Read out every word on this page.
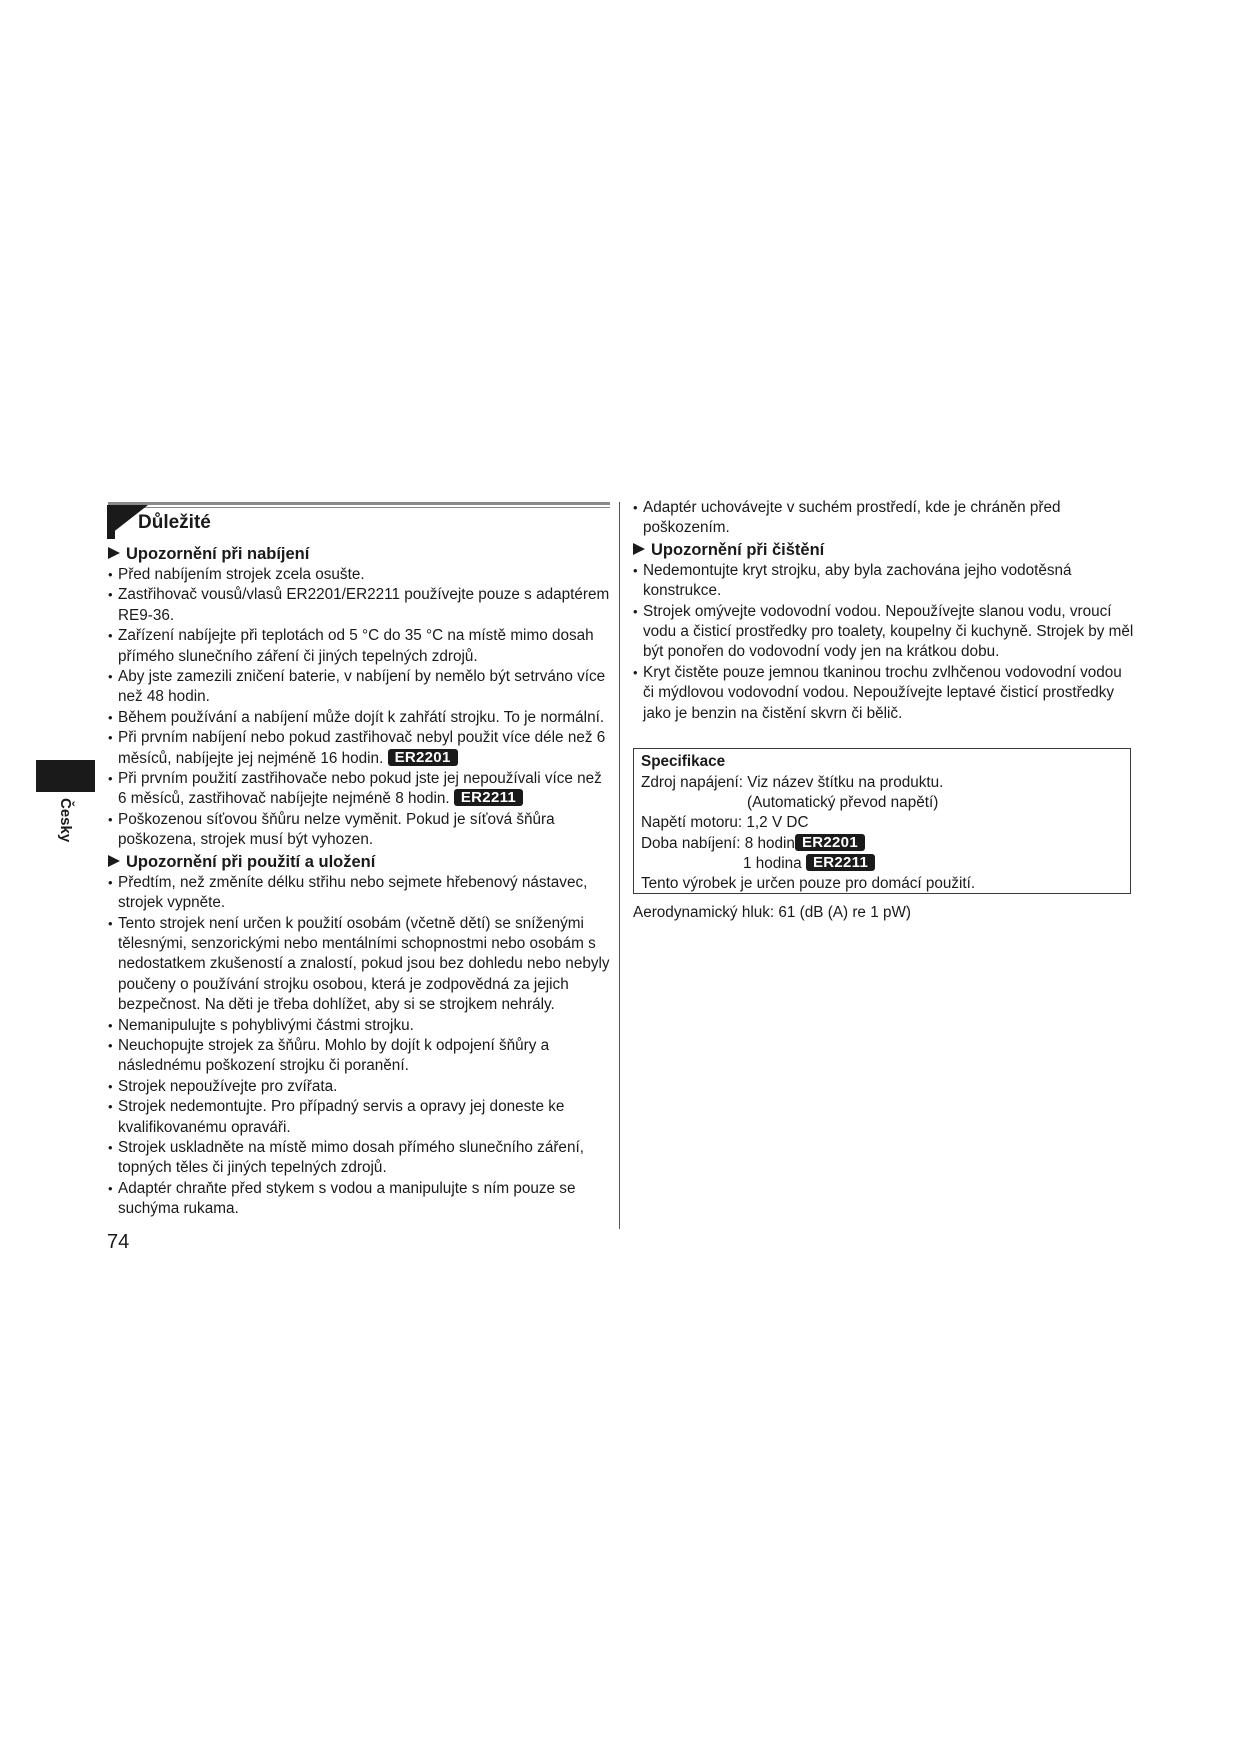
Česky
Důležité

Upozornění při nabíjení

• Před nabíjením strojek zcela osušte.

• Zastřihovač vousů/vlasů ER2201/ER2211 používejte pouze s adaptérem
RE9-36.

• Zařízení nabíjejte při teplotách od 5 °C do 35 °C na místě mimo dosah
přímého slunečního záření či jiných tepelných zdrojů.

• Aby jste zamezili zničení baterie, v nabíjení by nemělo být setrváno více
než 48 hodin.

• Během používání a nabíjení může dojít k zahřátí strojku. To je normální.

• Při prvním nabíjení nebo pokud zastřihovač nebyl použit více déle než 6
měsíců, nabíjejte jej nejméně 16 hodin. ER2201

• Při prvním použití zastřihovače nebo pokud jste jej nepoužívali více než
6 měsíců, zastřihovač nabíjejte nejméně 8 hodin. ER2211

• Poškozenou síťovou šňůru nelze vyměnit. Pokud je síťová šňůra
poškozena, strojek musí být vyhozen.

Upozornění při použití a uložení

• Předtím, než změníte délku střihu nebo sejmete hřebenový nástavec,
strojek vypněte.

• Tento strojek není určen k použití osobám (včetně dětí) se sníženými
tělesnými, senzorickými nebo mentálními schopnostmi nebo osobám s
nedostatkem zkušeností a znalostí, pokud jsou bez dohledu nebo nebyly
poučeny o používání strojku osobou, která je zodpovědná za jejich
bezpečnost. Na děti je třeba dohlížet, aby si se strojkem nehrály.

• Nemanipulujte s pohyblivými částmi strojku.

• Neuchopujte strojek za šňůru. Mohlo by dojít k odpojení šňůry a
následnému poškození strojku či poranění.

• Strojek nepoužívejte pro zvířata.

• Strojek nedemontujte. Pro případný servis a opravy jej doneste ke
kvalifikovanému opraváři.

• Strojek uskladněte na místě mimo dosah přímého slunečního záření,
topných těles či jiných tepelných zdrojů.

• Adaptér chraňte před stykem s vodou a manipulujte s ním pouze se
suchýma rukama.

• Adaptér uchovávejte v suchém prostředí, kde je chráněn před
poškozením.

Upozornění při čištění

• Nedemontujte kryt strojku, aby byla zachována jejho vodotěsná
konstrukce.

• Strojek omývejte vodovodní vodou. Nepoužívejte slanou vodu, vroucí
vodu a čisticí prostředky pro toalety, koupelny či kuchyně. Strojek by měl
být ponořen do vodovodní vody jen na krátkou dobu.

• Kryt čistěte pouze jemnou tkaninou trochu zvlhčenou vodovodní vodou
či mýdlovou vodovodní vodou. Nepoužívejte leptavé čisticí prostředky
jako je benzin na čistění skvrn či bělič.

Specifikace
Zdroj napájení: Viz název štítku na produktu.
(Automatický převod napětí)
Napětí motoru: 1,2 V DC
Doba nabíjení: 8 hodin ER2201
1 hodina ER2211
Tento výrobek je určen pouze pro domácí použití.
Aerodynamický hluk: 61 (dB (A) re 1 pW)
74
